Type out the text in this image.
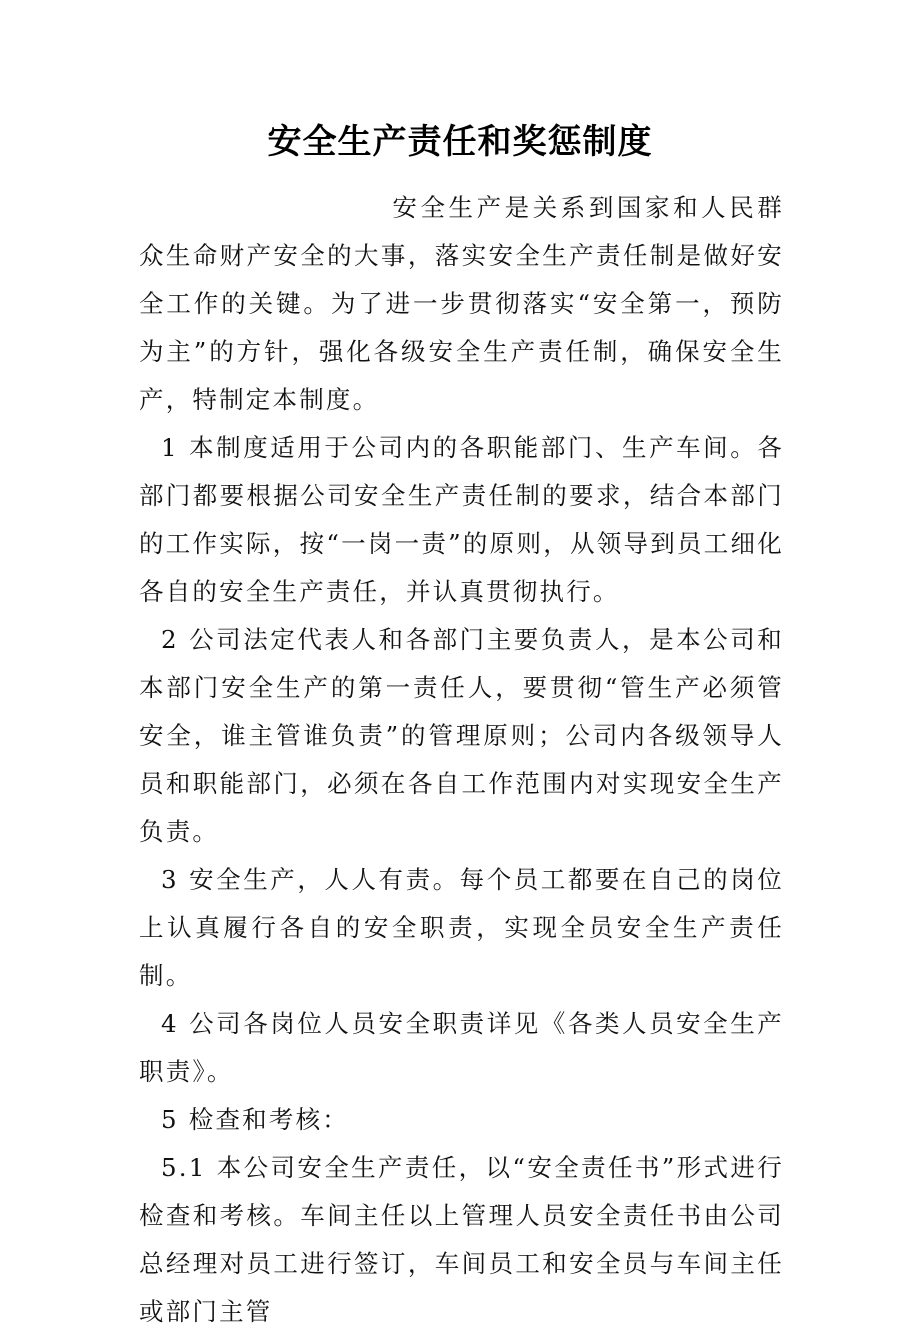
安全生产责任和奖惩制度

安全生产是关系到国家和人民群众生命财产安全的大事，落实安全生产责任制是做好安全工作的关键。为了进一步贯彻落实“安全第一，预防为主”的方针，强化各级安全生产责任制，确保安全生产，特制定本制度。

1 本制度适用于公司内的各职能部门、生产车间。各部门都要根据公司安全生产责任制的要求，结合本部门的工作实际，按“一岗一责”的原则，从领导到员工细化各自的安全生产责任，并认真贯彻执行。

2 公司法定代表人和各部门主要负责人，是本公司和本部门安全生产的第一责任人，要贯彻“管生产必须管安全，谁主管谁负责”的管理原则；公司内各级领导人员和职能部门，必须在各自工作范围内对实现安全生产负责。

3 安全生产，人人有责。每个员工都要在自己的岗位上认真履行各自的安全职责，实现全员安全生产责任制。

4 公司各岗位人员安全职责详见《各类人员安全生产职责》。

5 检查和考核：

5.1 本公司安全生产责任，以“安全责任书”形式进行检查和考核。车间主任以上管理人员安全责任书由公司总经理对员工进行签订，车间员工和安全员与车间主任或部门主管
